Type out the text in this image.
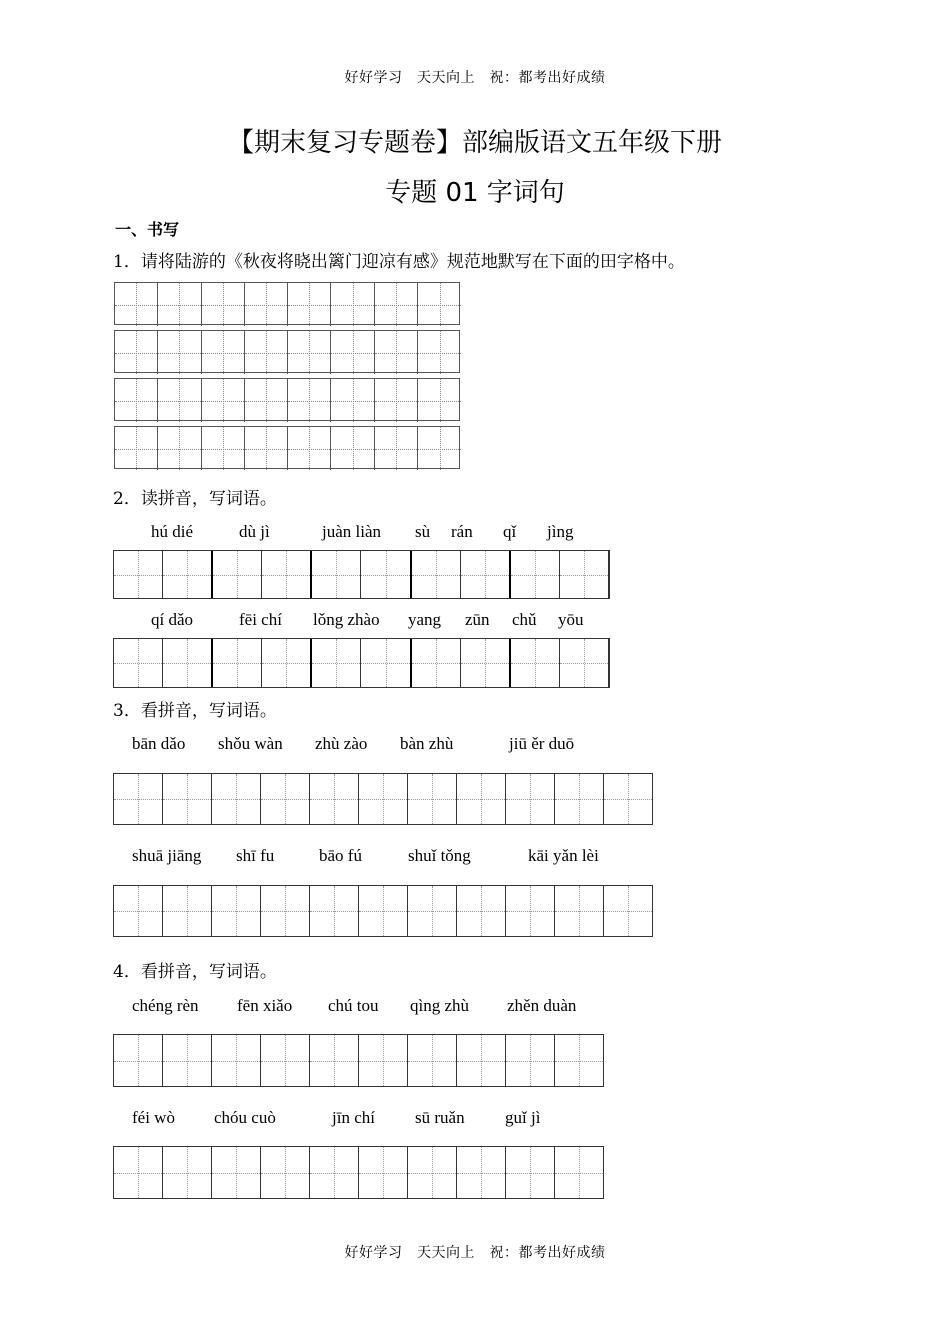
好好学习　天天向上　祝：都考出好成绩
【期末复习专题卷】部编版语文五年级下册
专题 01 字词句
一、书写
1．请将陆游的《秋夜将晓出篱门迎凉有感》规范地默写在下面的田字格中。
2．读拼音，写词语。
hú dié	dù jì	juàn liàn sù rán qǐ jìng
qí dǎo	fēi chí lǒng zhào yang zūn chǔ yōu
3．看拼音，写词语。
bān dǎo shǒu wàn zhù zào bàn zhù	jiū ěr duō
shuā jiāng shī fu	bāo fú	shuǐ tǒng	kāi yǎn lèi
4．看拼音，写词语。
chéng rèn fēn xiǎo chú tou qìng zhù zhěn duàn
féi wò chóu cuò	jīn chí sū ruǎn guǐ jì
好好学习　天天向上　祝：都考出好成绩
